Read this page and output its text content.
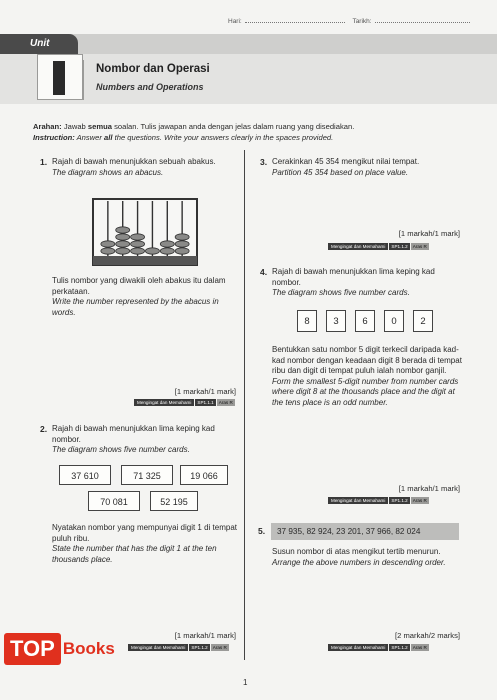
Hari:	Tarikh:
Unit
Nombor dan Operasi
Numbers and Operations
Arahan: Jawab semua soalan. Tulis jawapan anda dengan jelas dalam ruang yang disediakan.
Instruction: Answer all the questions. Write your answers clearly in the spaces provided.
1. Rajah di bawah menunjukkan sebuah abakus.

The diagram shows an abacus.

Tulis nombor yang diwakili oleh abakus itu dalam perkataan.

Write the number represented by the abacus in words.

[1 markah/1 mark]
Mengingat dan Memahami SP1.1.1 Aras R
2. Rajah di bawah menunjukkan lima keping kad nombor.

The diagram shows five number cards.

37 610	71 325	19 066
70 081	52 195

Nyatakan nombor yang mempunyai digit 1 di tempat puluh ribu.

State the number that has the digit 1 at the ten thousands place.

[1 markah/1 mark]
Mengingat dan Memahami SP1.1.2 Aras R
3. Cerakinkan 45 354 mengikut nilai tempat.

Partition 45 354 based on place value.

[1 markah/1 mark]
Mengingat dan Memahami SP1.1.2 Aras R
4. Rajah di bawah menunjukkan lima keping kad nombor.

The diagram shows five number cards.

8	3	6	0	2

Bentukkan satu nombor 5 digit terkecil daripada kad-kad nombor dengan keadaan digit 8 berada di tempat ribu dan digit di tempat puluh ialah nombor ganjil.

Form the smallest 5-digit number from number cards where digit 8 at the thousands place and the digit at the tens place is an odd number.

[1 markah/1 mark]
Mengingat dan Memahami SP1.1.2 Aras R
5.	37 935, 82 924, 23 201, 37 966, 82 024

Susun nombor di atas mengikut tertib menurun.

Arrange the above numbers in descending order.

[2 markah/2 marks]
Mengingat dan Memahami SP1.1.2 Aras R
TOP Books
1
